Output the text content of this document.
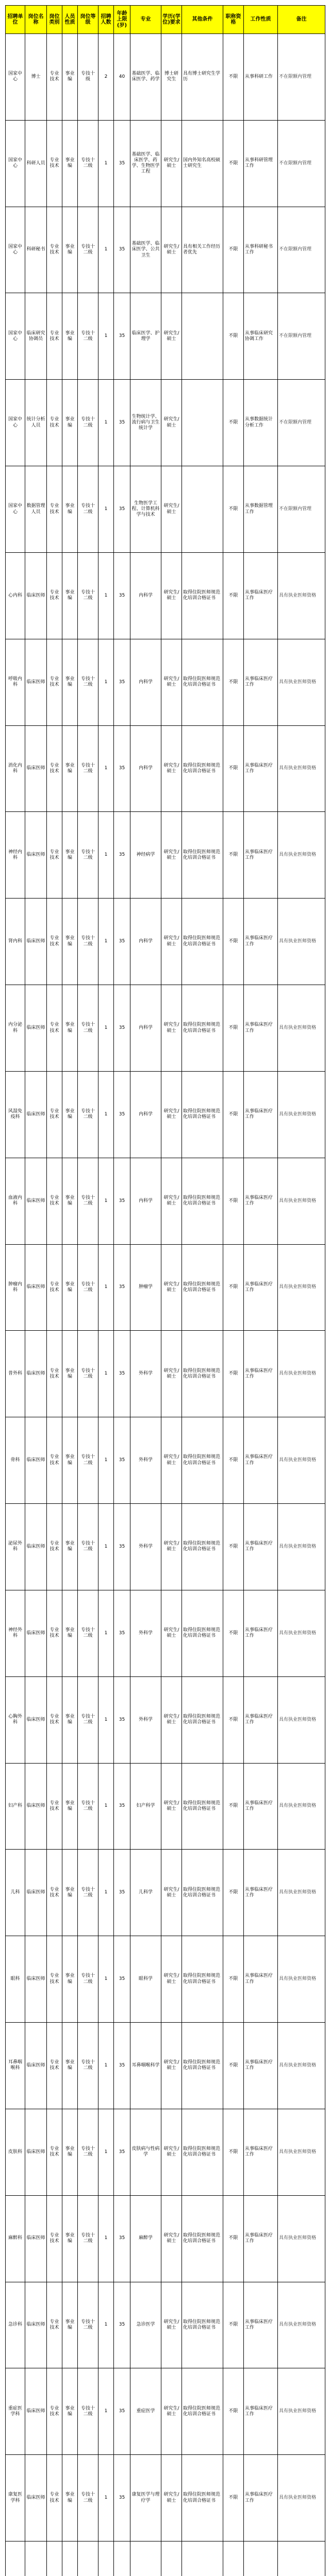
招聘单位	岗位名称	岗位类别	人员性质	岗位等级	招聘人数	年龄上限(岁)	专业	学历(学位)要求	其他条件	职称资格	工作性质	备注
国家中心	博士	专业技术	事业编	专技十级	2	40	基础医学、临床医学、药学	博士研究生	具有博士研究生学历	不限	从事科研工作	不在限额内管理
国家中心	科研人员	专业技术	事业编	专技十二级	1	35	基础医学、临床医学、药学、生物医学工程	研究生/硕士	国内外知名高校硕士研究生	不限	从事科研管理工作	不在限额内管理
国家中心	科研秘书	专业技术	事业编	专技十二级	1	35	基础医学、临床医学、公共卫生	研究生/硕士	具有相关工作经历者优先	不限	从事科研秘书工作	不在限额内管理
国家中心	临床研究协调员	专业技术	事业编	专技十二级	1	35	临床医学、护理学	研究生/硕士		不限	从事临床研究协调工作	不在限额内管理
国家中心	统计分析人员	专业技术	事业编	专技十二级	1	35	生物统计学、流行病与卫生统计学	研究生/硕士		不限	从事数据统计分析工作	不在限额内管理
国家中心	数据管理人员	专业技术	事业编	专技十二级	1	35	生物医学工程、计算机科学与技术	研究生/硕士		不限	从事数据管理工作	不在限额内管理
心内科	临床医师	专业技术	事业编	专技十二级	1	35	内科学	研究生/硕士	取得住院医师规范化培训合格证书	不限	从事临床医疗工作	具有执业医师资格
呼吸内科	临床医师	专业技术	事业编	专技十二级	1	35	内科学	研究生/硕士	取得住院医师规范化培训合格证书	不限	从事临床医疗工作	具有执业医师资格
消化内科	临床医师	专业技术	事业编	专技十二级	1	35	内科学	研究生/硕士	取得住院医师规范化培训合格证书	不限	从事临床医疗工作	具有执业医师资格
神经内科	临床医师	专业技术	事业编	专技十二级	1	35	神经病学	研究生/硕士	取得住院医师规范化培训合格证书	不限	从事临床医疗工作	具有执业医师资格
肾内科	临床医师	专业技术	事业编	专技十二级	1	35	内科学	研究生/硕士	取得住院医师规范化培训合格证书	不限	从事临床医疗工作	具有执业医师资格
内分泌科	临床医师	专业技术	事业编	专技十二级	1	35	内科学	研究生/硕士	取得住院医师规范化培训合格证书	不限	从事临床医疗工作	具有执业医师资格
风湿免疫科	临床医师	专业技术	事业编	专技十二级	1	35	内科学	研究生/硕士	取得住院医师规范化培训合格证书	不限	从事临床医疗工作	具有执业医师资格
血液内科	临床医师	专业技术	事业编	专技十二级	1	35	内科学	研究生/硕士	取得住院医师规范化培训合格证书	不限	从事临床医疗工作	具有执业医师资格
肿瘤内科	临床医师	专业技术	事业编	专技十二级	1	35	肿瘤学	研究生/硕士	取得住院医师规范化培训合格证书	不限	从事临床医疗工作	具有执业医师资格
普外科	临床医师	专业技术	事业编	专技十二级	1	35	外科学	研究生/硕士	取得住院医师规范化培训合格证书	不限	从事临床医疗工作	具有执业医师资格
骨科	临床医师	专业技术	事业编	专技十二级	1	35	外科学	研究生/硕士	取得住院医师规范化培训合格证书	不限	从事临床医疗工作	具有执业医师资格
泌尿外科	临床医师	专业技术	事业编	专技十二级	1	35	外科学	研究生/硕士	取得住院医师规范化培训合格证书	不限	从事临床医疗工作	具有执业医师资格
神经外科	临床医师	专业技术	事业编	专技十二级	1	35	外科学	研究生/硕士	取得住院医师规范化培训合格证书	不限	从事临床医疗工作	具有执业医师资格
心胸外科	临床医师	专业技术	事业编	专技十二级	1	35	外科学	研究生/硕士	取得住院医师规范化培训合格证书	不限	从事临床医疗工作	具有执业医师资格
妇产科	临床医师	专业技术	事业编	专技十二级	1	35	妇产科学	研究生/硕士	取得住院医师规范化培训合格证书	不限	从事临床医疗工作	具有执业医师资格
儿科	临床医师	专业技术	事业编	专技十二级	1	35	儿科学	研究生/硕士	取得住院医师规范化培训合格证书	不限	从事临床医疗工作	具有执业医师资格
眼科	临床医师	专业技术	事业编	专技十二级	1	35	眼科学	研究生/硕士	取得住院医师规范化培训合格证书	不限	从事临床医疗工作	具有执业医师资格
耳鼻咽喉科	临床医师	专业技术	事业编	专技十二级	1	35	耳鼻咽喉科学	研究生/硕士	取得住院医师规范化培训合格证书	不限	从事临床医疗工作	具有执业医师资格
皮肤科	临床医师	专业技术	事业编	专技十二级	1	35	皮肤病与性病学	研究生/硕士	取得住院医师规范化培训合格证书	不限	从事临床医疗工作	具有执业医师资格
麻醉科	临床医师	专业技术	事业编	专技十二级	1	35	麻醉学	研究生/硕士	取得住院医师规范化培训合格证书	不限	从事临床医疗工作	具有执业医师资格
急诊科	临床医师	专业技术	事业编	专技十二级	1	35	急诊医学	研究生/硕士	取得住院医师规范化培训合格证书	不限	从事临床医疗工作	具有执业医师资格
重症医学科	临床医师	专业技术	事业编	专技十二级	1	35	重症医学	研究生/硕士	取得住院医师规范化培训合格证书	不限	从事临床医疗工作	具有执业医师资格
康复医学科	临床医师	专业技术	事业编	专技十二级	1	35	康复医学与理疗学	研究生/硕士	取得住院医师规范化培训合格证书	不限	从事临床医疗工作	具有执业医师资格
